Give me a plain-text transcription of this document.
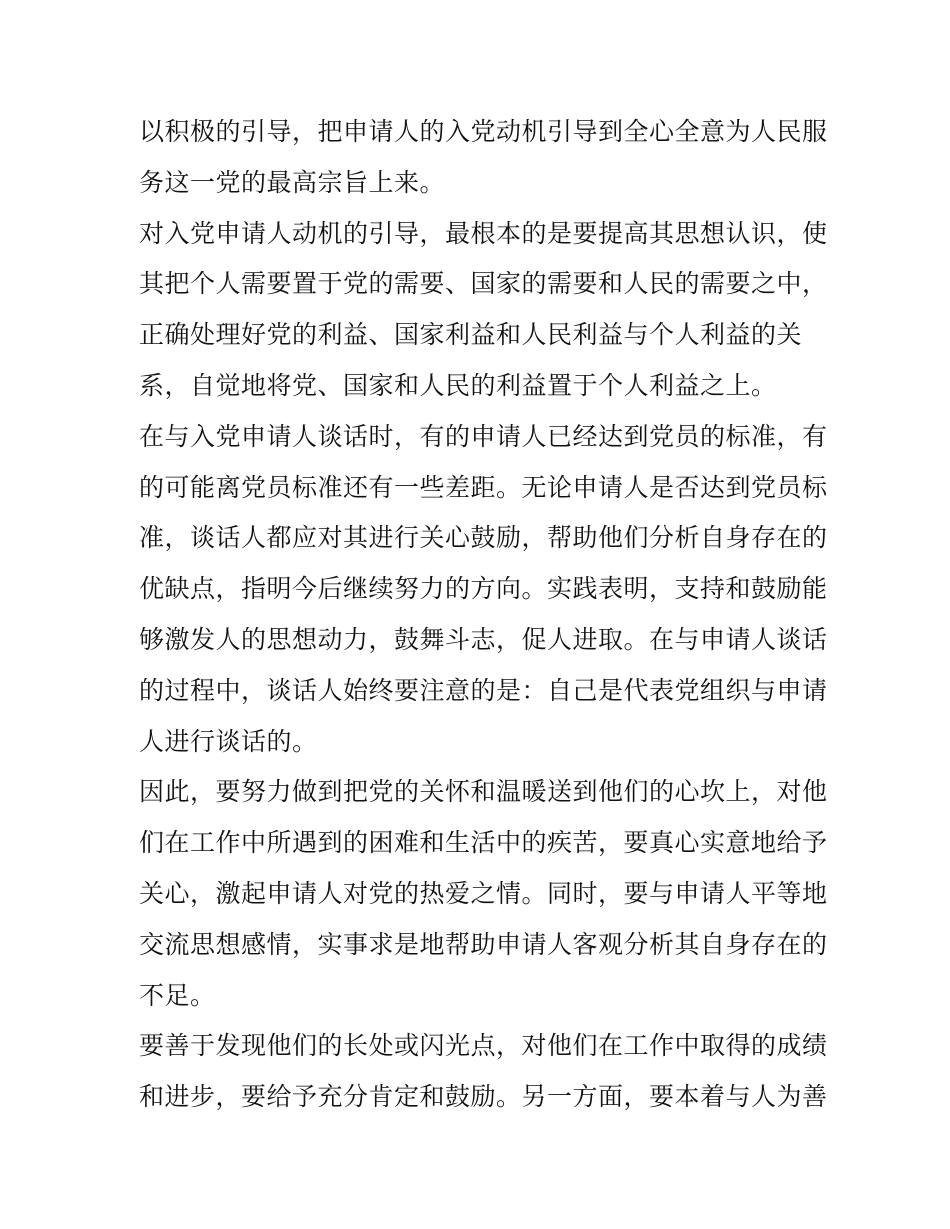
以积极的引导，把申请人的入党动机引导到全心全意为人民服
务这一党的最高宗旨上来。
对入党申请人动机的引导，最根本的是要提高其思想认识，使
其把个人需要置于党的需要、国家的需要和人民的需要之中，
正确处理好党的利益、国家利益和人民利益与个人利益的关
系，自觉地将党、国家和人民的利益置于个人利益之上。
在与入党申请人谈话时，有的申请人已经达到党员的标准，有
的可能离党员标准还有一些差距。无论申请人是否达到党员标
准，谈话人都应对其进行关心鼓励，帮助他们分析自身存在的
优缺点，指明今后继续努力的方向。实践表明，支持和鼓励能
够激发人的思想动力，鼓舞斗志，促人进取。在与申请人谈话
的过程中，谈话人始终要注意的是：自己是代表党组织与申请
人进行谈话的。
因此，要努力做到把党的关怀和温暖送到他们的心坎上，对他
们在工作中所遇到的困难和生活中的疾苦，要真心实意地给予
关心，激起申请人对党的热爱之情。同时，要与申请人平等地
交流思想感情，实事求是地帮助申请人客观分析其自身存在的
不足。
要善于发现他们的长处或闪光点，对他们在工作中取得的成绩
和进步，要给予充分肯定和鼓励。另一方面，要本着与人为善
